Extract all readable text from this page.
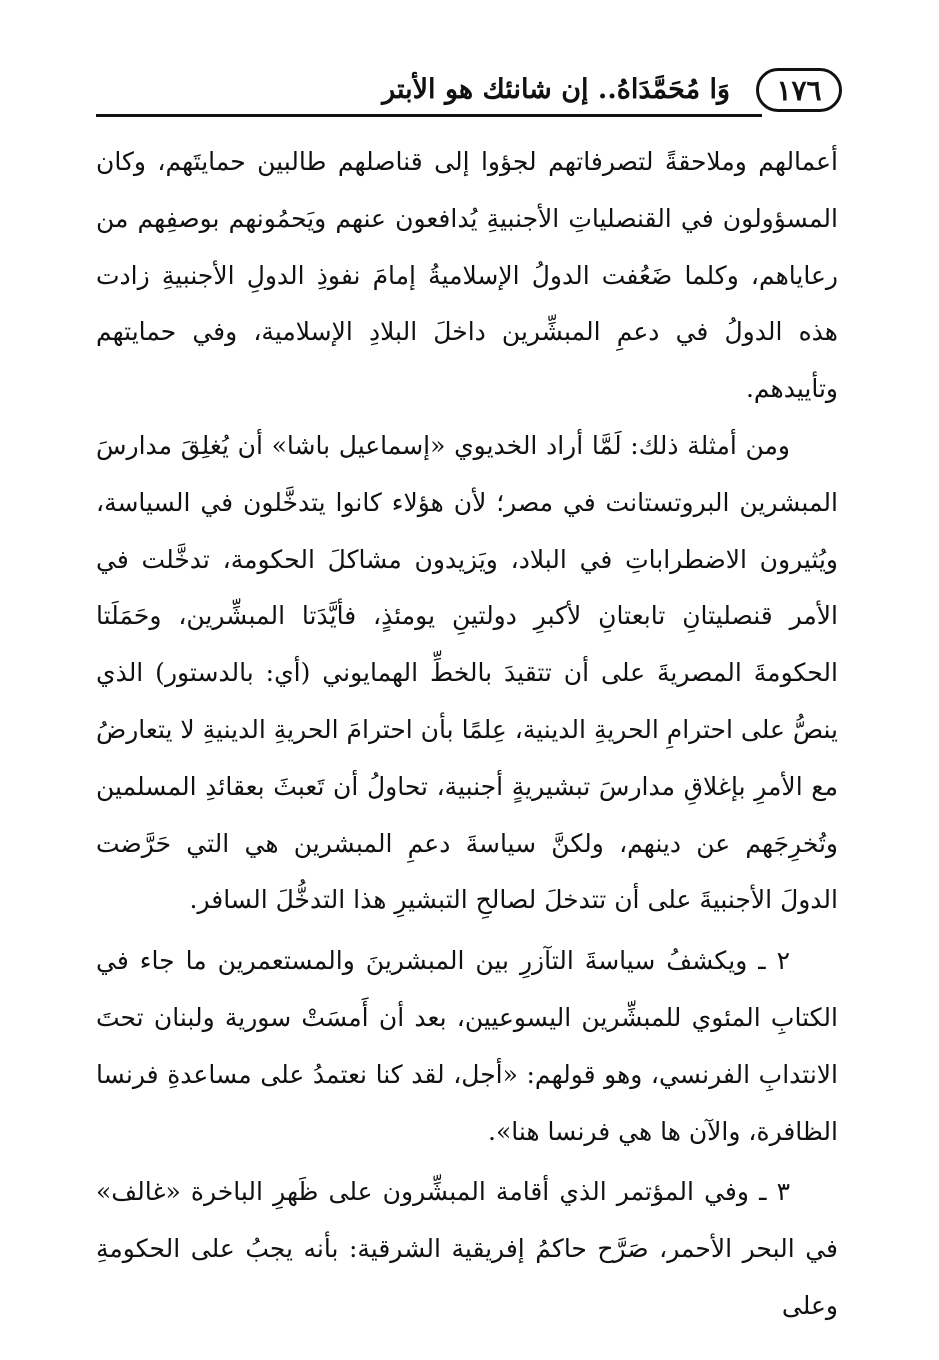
١٧٦
وَا مُحَمَّدَاهُ.. إن شانئك هو الأبتر

أعمالهم وملاحقةً لتصرفاتهم لجؤوا إلى قناصلهم طالبين حمايتَهم، وكان المسؤولون في القنصلياتِ الأجنبيةِ يُدافعون عنهم ويَحمُونهم بوصفِهم من رعاياهم، وكلما ضَعُفت الدولُ الإسلاميةُ إمامَ نفوذِ الدولِ الأجنبيةِ زادت هذه الدولُ في دعمِ المبشِّرين داخلَ البلادِ الإسلامية، وفي حمايتهم وتأييدهم.

ومن أمثلة ذلك: لَمَّا أراد الخديوي «إسماعيل باشا» أن يُغلِقَ مدارسَ المبشرين البروتستانت في مصر؛ لأن هؤلاء كانوا يتدخَّلون في السياسة، ويُثيرون الاضطراباتِ في البلاد، ويَزيدون مشاكلَ الحكومة، تدخَّلت في الأمر قنصليتانِ تابعتانِ لأكبرِ دولتينِ يومئذٍ، فأيَّدَتا المبشِّرين، وحَمَلَتا الحكومةَ المصريةَ على أن تتقيدَ بالخطِّ الهمايوني (أي: بالدستور) الذي ينصُّ على احترامِ الحريةِ الدينية، عِلمًا بأن احترامَ الحريةِ الدينيةِ لا يتعارضُ مع الأمرِ بإغلاقِ مدارسَ تبشيريةٍ أجنبية، تحاولُ أن تَعبثَ بعقائدِ المسلمين وتُخرِجَهم عن دينهم، ولكنَّ سياسةَ دعمِ المبشرين هي التي حَرَّضت الدولَ الأجنبيةَ على أن تتدخلَ لصالحِ التبشيرِ هذا التدخُّلَ السافر.

٢ ـ ويكشفُ سياسةَ التآزرِ بين المبشرينَ والمستعمرين ما جاء في الكتابِ المئوي للمبشِّرين اليسوعيين، بعد أن أَمسَتْ سورية ولبنان تحتَ الانتدابِ الفرنسي، وهو قولهم: «أجل، لقد كنا نعتمدُ على مساعدةِ فرنسا الظافرة، والآن ها هي فرنسا هنا».

٣ ـ وفي المؤتمر الذي أقامة المبشِّرون على ظَهرِ الباخرة «غالف» في البحر الأحمر، صَرَّح حاكمُ إفريقية الشرقية: بأنه يجبُ على الحكومةِ وعلى
